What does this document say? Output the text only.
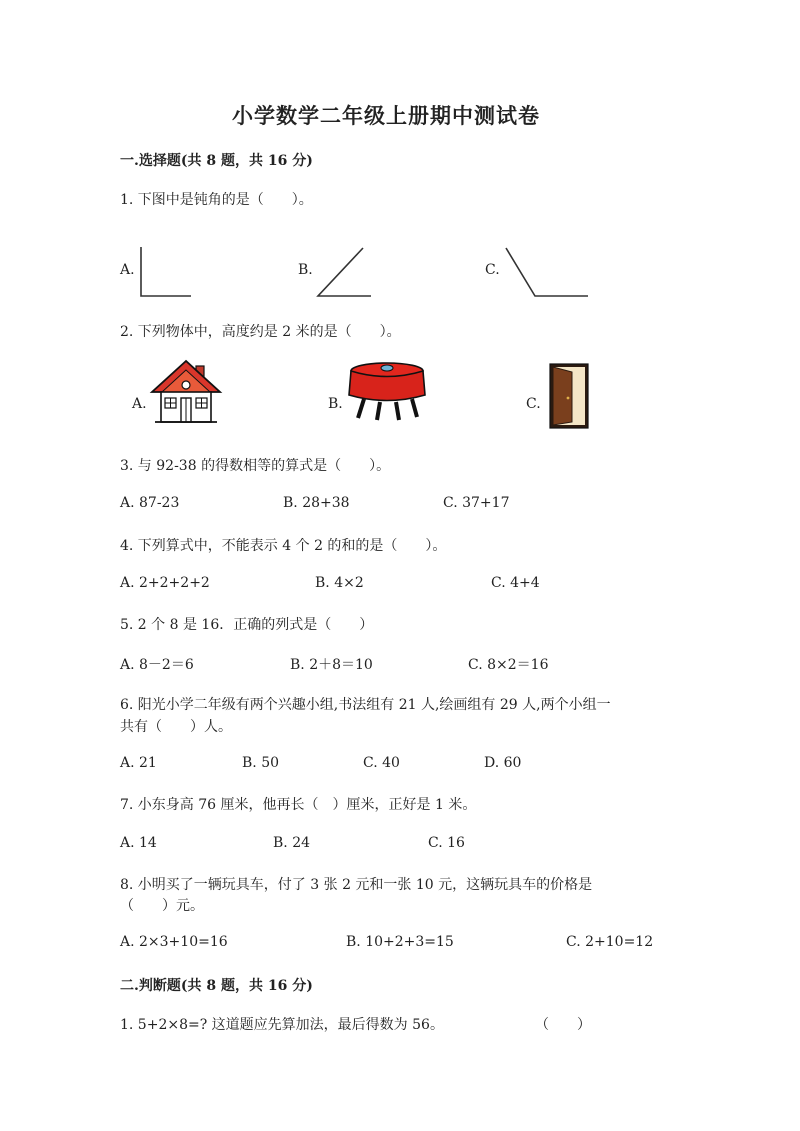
小学数学二年级上册期中测试卷
一.选择题(共 8 题，共 16 分)
1. 下图中是钝角的是（　　）。
A.	B.	C.
2. 下列物体中，高度约是 2 米的是（　　）。
A.	B.	C.
3. 与 92-38 的得数相等的算式是（　　）。
A. 87-23	B. 28+38	C. 37+17
4. 下列算式中，不能表示 4 个 2 的和的是（　　）。
A. 2+2+2+2	B. 4×2	C. 4+4
5. 2 个 8 是 16．正确的列式是（　　）
A. 8－2＝6	B. 2＋8＝10	C. 8×2＝16
6. 阳光小学二年级有两个兴趣小组,书法组有 21 人,绘画组有 29 人,两个小组一
共有（　　）人。
A. 21	B. 50	C. 40	D. 60
7. 小东身高 76 厘米，他再长（　）厘米，正好是 1 米。
A. 14	B. 24	C. 16
8. 小明买了一辆玩具车，付了 3 张 2 元和一张 10 元，这辆玩具车的价格是
（　　）元。
A. 2×3+10=16	B. 10+2+3=15	C. 2+10=12
二.判断题(共 8 题，共 16 分)
1. 5+2×8=? 这道题应先算加法，最后得数为 56。	（　　）
